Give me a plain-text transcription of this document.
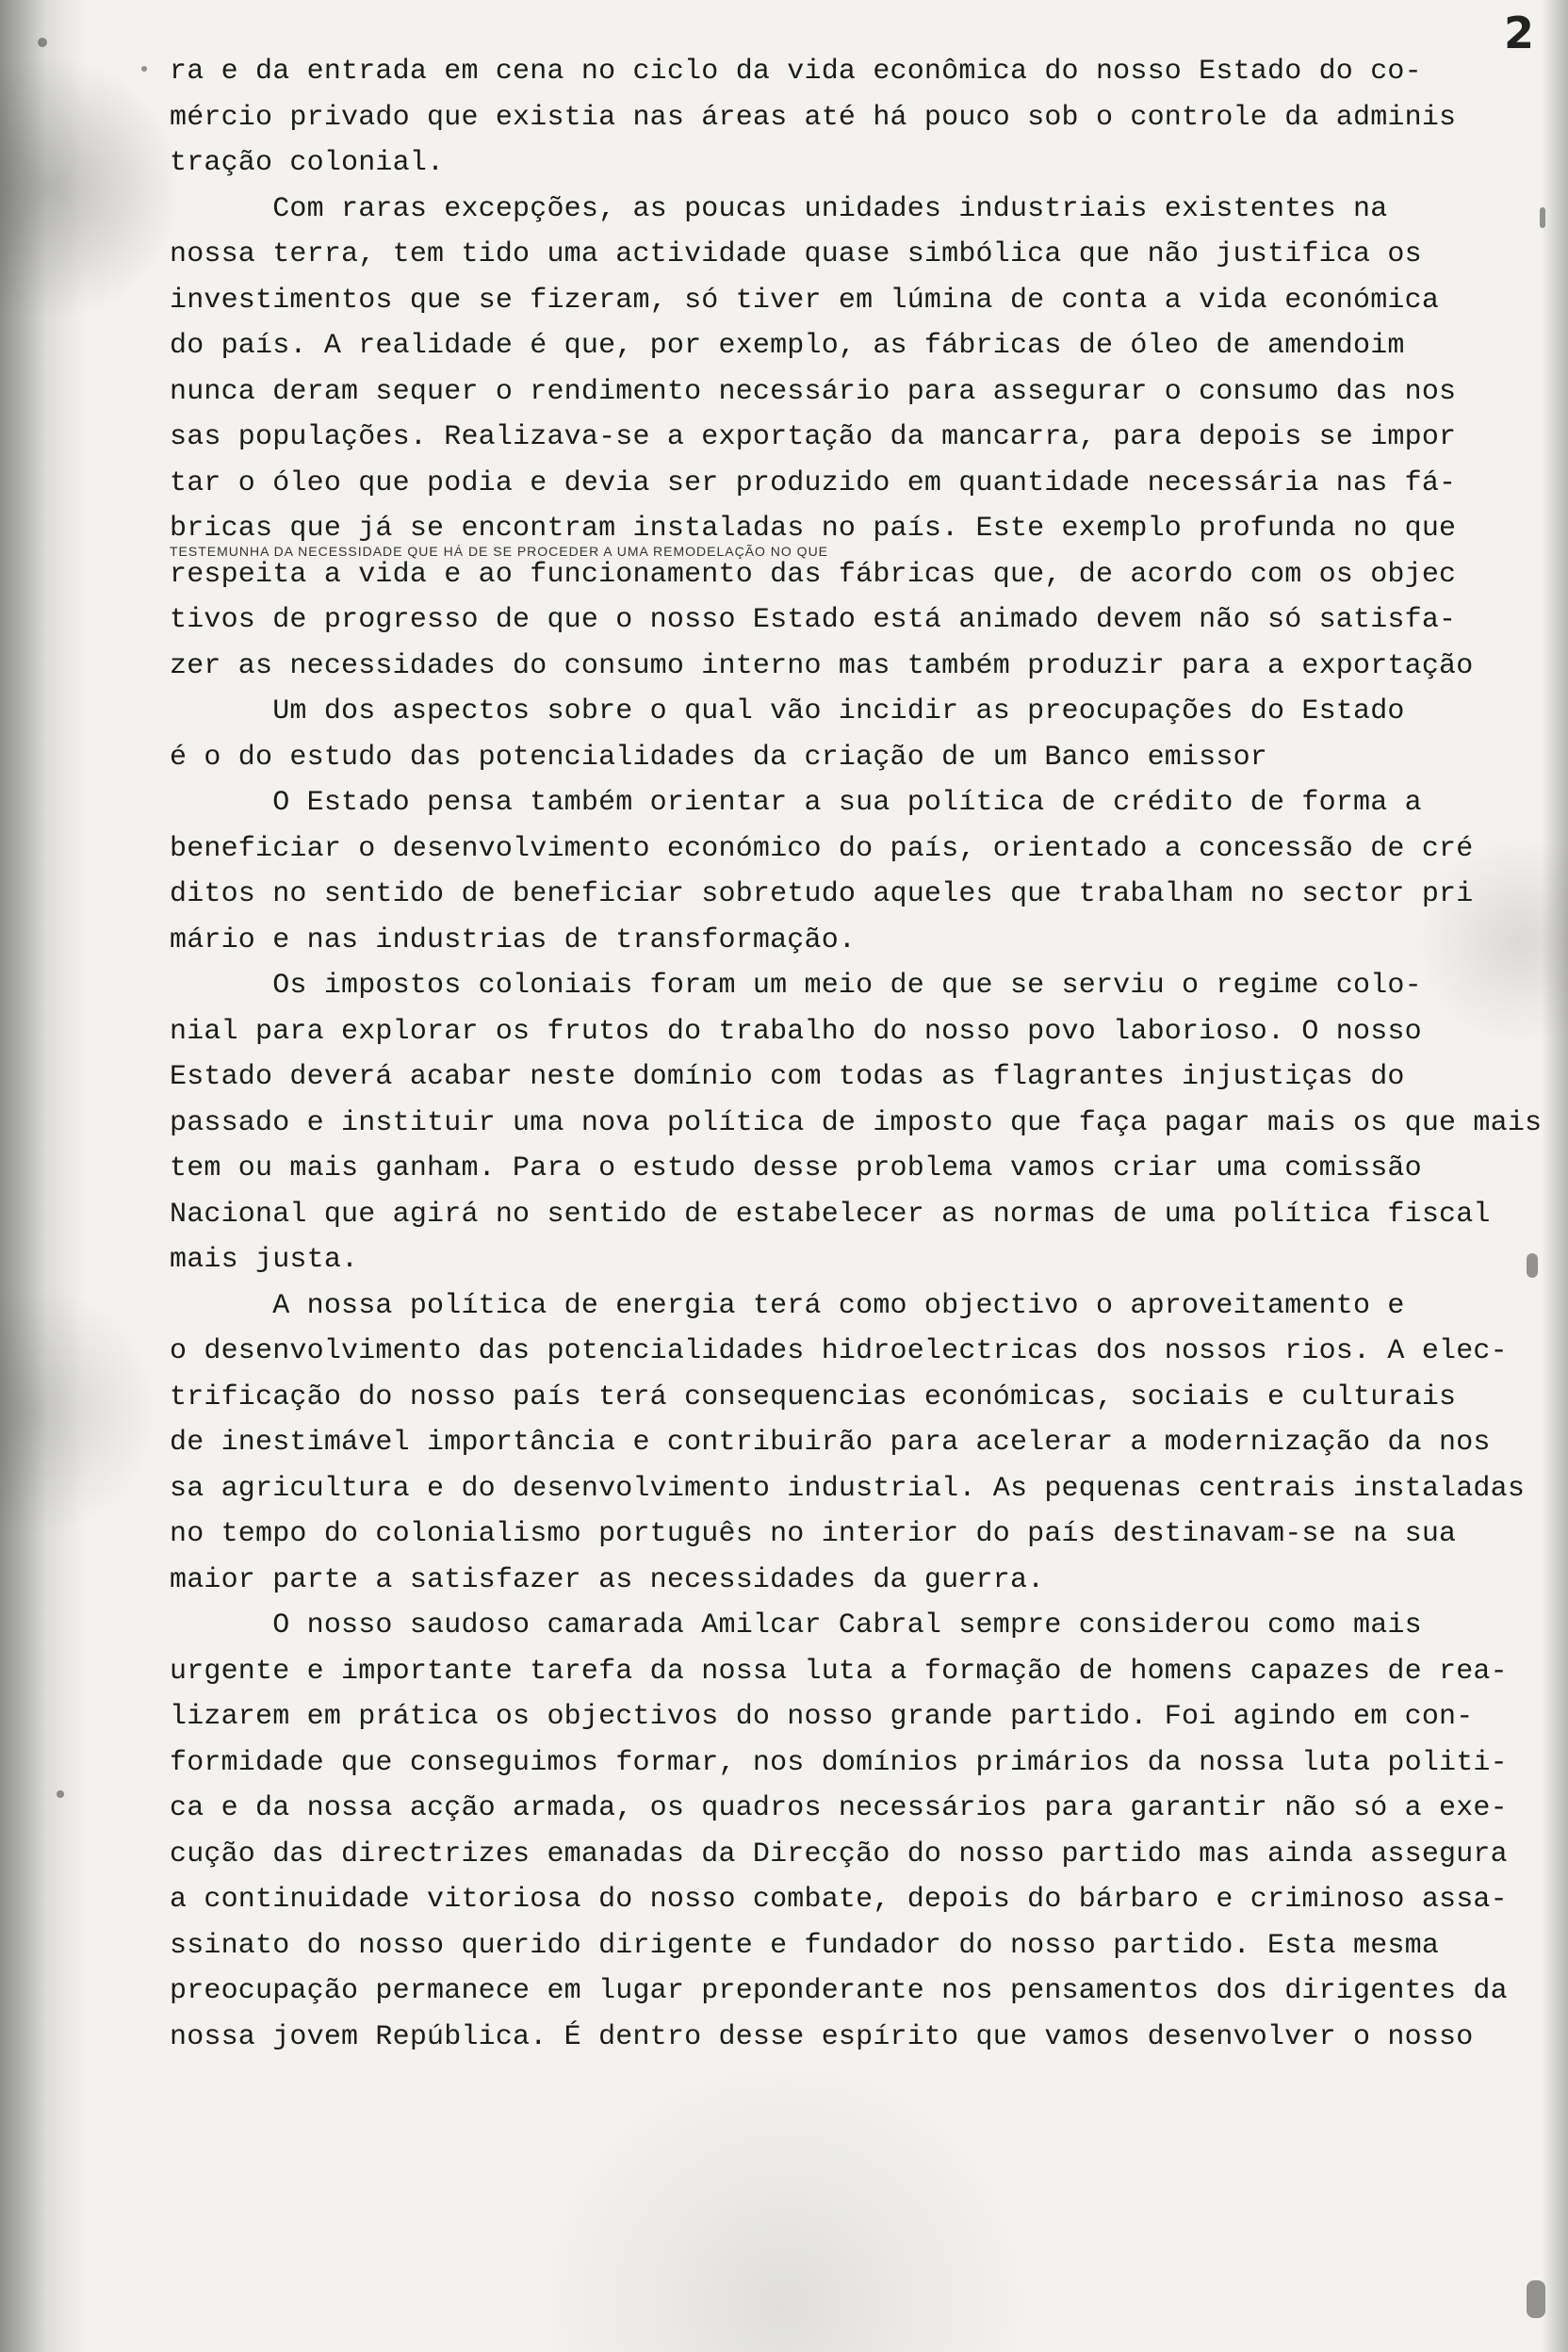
2
ra e da entrada em cena no ciclo da vida econômica do nosso Estado do co-
mércio privado que existia nas áreas até há pouco sob o controle da adminis
tração colonial.
Com raras excepções, as poucas unidades industriais existentes na
nossa terra, tem tido uma actividade quase simbólica que não justifica os
investimentos que se fizeram, só tiver em lúmina de conta a vida económica
do país. A realidade é que, por exemplo, as fábricas de óleo de amendoim
nunca deram sequer o rendimento necessário para assegurar o consumo das nos
sas populações. Realizava-se a exportação da mancarra, para depois se impor
tar o óleo que podia e devia ser produzido em quantidade necessária nas fá-
bricas que já se encontram instaladas no país. Este exemplo profunda no que
TESTEMUNHA DA NECESSIDADE QUE HÁ DE SE PROCEDER A UMA REMODELAÇÃO NO QUE
respeita a vida e ao funcionamento das fábricas que, de acordo com os objec
tivos de progresso de que o nosso Estado está animado devem não só satisfa-
zer as necessidades do consumo interno mas também produzir para a exportação
Um dos aspectos sobre o qual vão incidir as preocupações do Estado
é o do estudo das potencialidades da criação de um Banco emissor
O Estado pensa também orientar a sua política de crédito de forma a
beneficiar o desenvolvimento económico do país, orientado a concessão de cré
ditos no sentido de beneficiar sobretudo aqueles que trabalham no sector pri
mário e nas industrias de transformação.
Os impostos coloniais foram um meio de que se serviu o regime colo-
nial para explorar os frutos do trabalho do nosso povo laborioso. O nosso
Estado deverá acabar neste domínio com todas as flagrantes injustiças do
passado e instituir uma nova política de imposto que faça pagar mais os que mais
tem ou mais ganham. Para o estudo desse problema vamos criar uma comissão
Nacional que agirá no sentido de estabelecer as normas de uma política fiscal
mais justa.
A nossa política de energia terá como objectivo o aproveitamento e
o desenvolvimento das potencialidades hidroelectricas dos nossos rios. A elec-
trificação do nosso país terá consequencias económicas, sociais e culturais
de inestimável importância e contribuirão para acelerar a modernização da nos
sa agricultura e do desenvolvimento industrial. As pequenas centrais instaladas
no tempo do colonialismo português no interior do país destinavam-se na sua
maior parte a satisfazer as necessidades da guerra.
O nosso saudoso camarada Amilcar Cabral sempre considerou como mais
urgente e importante tarefa da nossa luta a formação de homens capazes de rea-
lizarem em prática os objectivos do nosso grande partido. Foi agindo em con-
formidade que conseguimos formar, nos domínios primários da nossa luta politi-
ca e da nossa acção armada, os quadros necessários para garantir não só a exe-
cução das directrizes emanadas da Direcção do nosso partido mas ainda assegura
a continuidade vitoriosa do nosso combate, depois do bárbaro e criminoso assa-
ssinato do nosso querido dirigente e fundador do nosso partido. Esta mesma
preocupação permanece em lugar preponderante nos pensamentos dos dirigentes da
nossa jovem República. É dentro desse espírito que vamos desenvolver o nosso
